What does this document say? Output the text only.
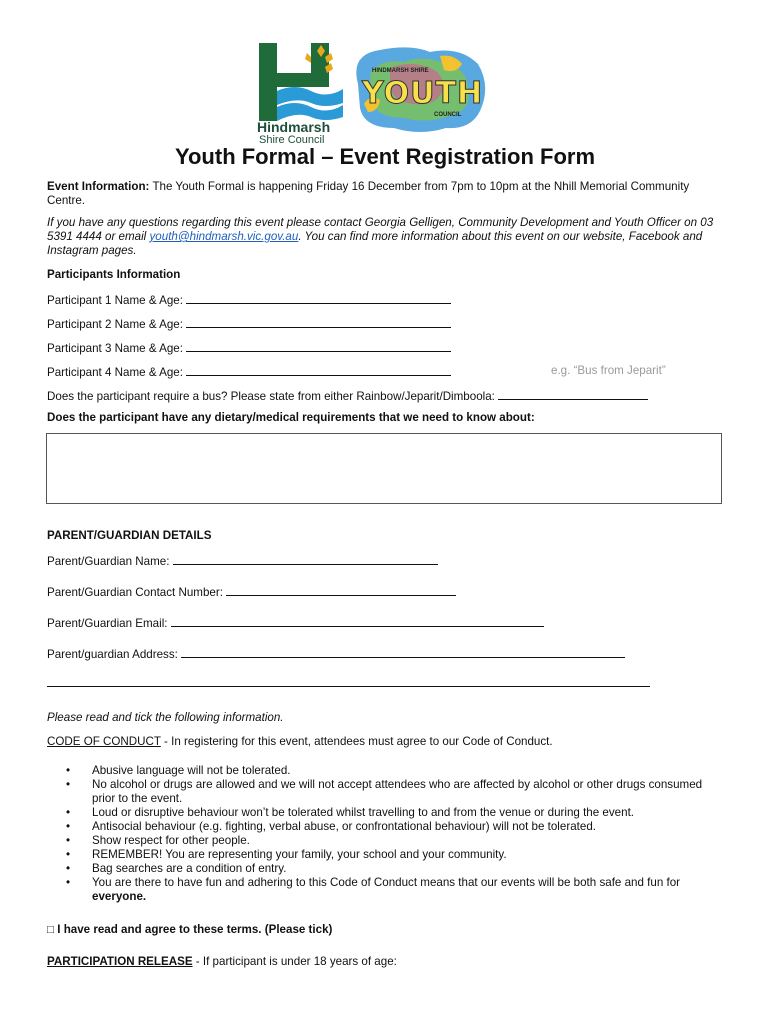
Hindmarsh
Shire Council
HINDMARSH SHIRE
YOUTH
COUNCIL
Youth Formal – Event Registration Form
Event Information: The Youth Formal is happening Friday 16 December from 7pm to 10pm at the Nhill Memorial Community Centre.
If you have any questions regarding this event please contact Georgia Gelligen, Community Development and Youth Officer on 03 5391 4444 or email youth@hindmarsh.vic.gov.au. You can find more information about this event on our website, Facebook and Instagram pages.
Participants Information
Participant 1 Name & Age:
Participant 2 Name & Age:
Participant 3 Name & Age:
Participant 4 Name & Age:	e.g. “Bus from Jeparit”
Does the participant require a bus? Please state from either Rainbow/Jeparit/Dimboola:
Does the participant have any dietary/medical requirements that we need to know about:
PARENT/GUARDIAN DETAILS
Parent/Guardian Name:
Parent/Guardian Contact Number:
Parent/Guardian Email:
Parent/guardian Address:
Please read and tick the following information.
CODE OF CONDUCT - In registering for this event, attendees must agree to our Code of Conduct.
• Abusive language will not be tolerated.
• No alcohol or drugs are allowed and we will not accept attendees who are affected by alcohol or other drugs consumed prior to the event.
• Loud or disruptive behaviour won’t be tolerated whilst travelling to and from the venue or during the event.
• Antisocial behaviour (e.g. fighting, verbal abuse, or confrontational behaviour) will not be tolerated.
• Show respect for other people.
• REMEMBER! You are representing your family, your school and your community.
• Bag searches are a condition of entry.
• You are there to have fun and adhering to this Code of Conduct means that our events will be both safe and fun for everyone.
□ I have read and agree to these terms. (Please tick)
PARTICIPATION RELEASE - If participant is under 18 years of age:
